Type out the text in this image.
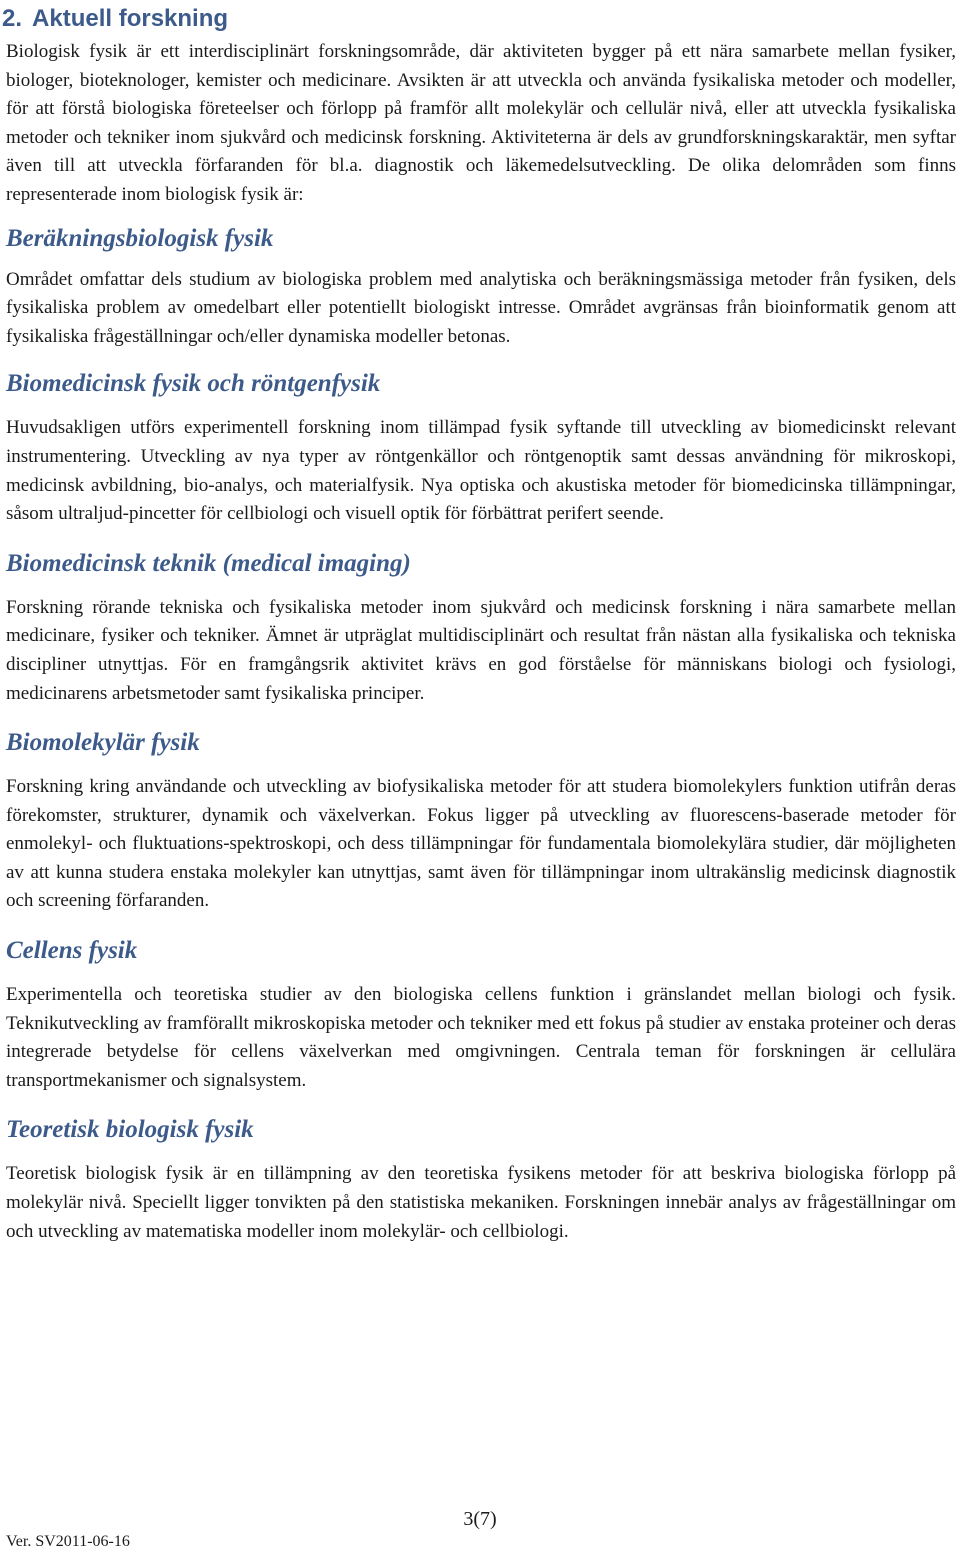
2. Aktuell forskning

Biologisk fysik är ett interdisciplinärt forskningsområde, där aktiviteten bygger på ett nära samarbete mellan fysiker, biologer, bioteknologer, kemister och medicinare. Avsikten är att utveckla och använda fysikaliska metoder och modeller, för att förstå biologiska företeelser och förlopp på framför allt molekylär och cellulär nivå, eller att utveckla fysikaliska metoder och tekniker inom sjukvård och medicinsk forskning. Aktiviteterna är dels av grundforskningskaraktär, men syftar även till att utveckla förfaranden för bl.a. diagnostik och läkemedelsutveckling. De olika delområden som finns representerade inom biologisk fysik är:

Beräkningsbiologisk fysik

Området omfattar dels studium av biologiska problem med analytiska och beräkningsmässiga metoder från fysiken, dels fysikaliska problem av omedelbart eller potentiellt biologiskt intresse. Området avgränsas från bioinformatik genom att fysikaliska frågeställningar och/eller dynamiska modeller betonas.

Biomedicinsk fysik och röntgenfysik

Huvudsakligen utförs experimentell forskning inom tillämpad fysik syftande till utveckling av biomedicinskt relevant instrumentering. Utveckling av nya typer av röntgenkällor och röntgenoptik samt dessas användning för mikroskopi, medicinsk avbildning, bio-analys, och materialfysik. Nya optiska och akustiska metoder för biomedicinska tillämpningar, såsom ultraljud-pincetter för cellbiologi och visuell optik för förbättrat perifert seende.

Biomedicinsk teknik (medical imaging)

Forskning rörande tekniska och fysikaliska metoder inom sjukvård och medicinsk forskning i nära samarbete mellan medicinare, fysiker och tekniker. Ämnet är utpräglat multidisciplinärt och resultat från nästan alla fysikaliska och tekniska discipliner utnyttjas. För en framgångsrik aktivitet krävs en god förståelse för människans biologi och fysiologi, medicinarens arbetsmetoder samt fysikaliska principer.

Biomolekylär fysik

Forskning kring användande och utveckling av biofysikaliska metoder för att studera biomolekylers funktion utifrån deras förekomster, strukturer, dynamik och växelverkan. Fokus ligger på utveckling av fluorescens-baserade metoder för enmolekyl- och fluktuations-spektroskopi, och dess tillämpningar för fundamentala biomolekylära studier, där möjligheten av att kunna studera enstaka molekyler kan utnyttjas, samt även för tillämpningar inom ultrakänslig medicinsk diagnostik och screening förfaranden.

Cellens fysik

Experimentella och teoretiska studier av den biologiska cellens funktion i gränslandet mellan biologi och fysik. Teknikutveckling av framförallt mikroskopiska metoder och tekniker med ett fokus på studier av enstaka proteiner och deras integrerade betydelse för cellens växelverkan med omgivningen. Centrala teman för forskningen är cellulära transportmekanismer och signalsystem.

Teoretisk biologisk fysik

Teoretisk biologisk fysik är en tillämpning av den teoretiska fysikens metoder för att beskriva biologiska förlopp på molekylär nivå. Speciellt ligger tonvikten på den statistiska mekaniken. Forskningen innebär analys av frågeställningar om och utveckling av matematiska modeller inom molekylär- och cellbiologi.

3(7)
Ver. SV2011-06-16
